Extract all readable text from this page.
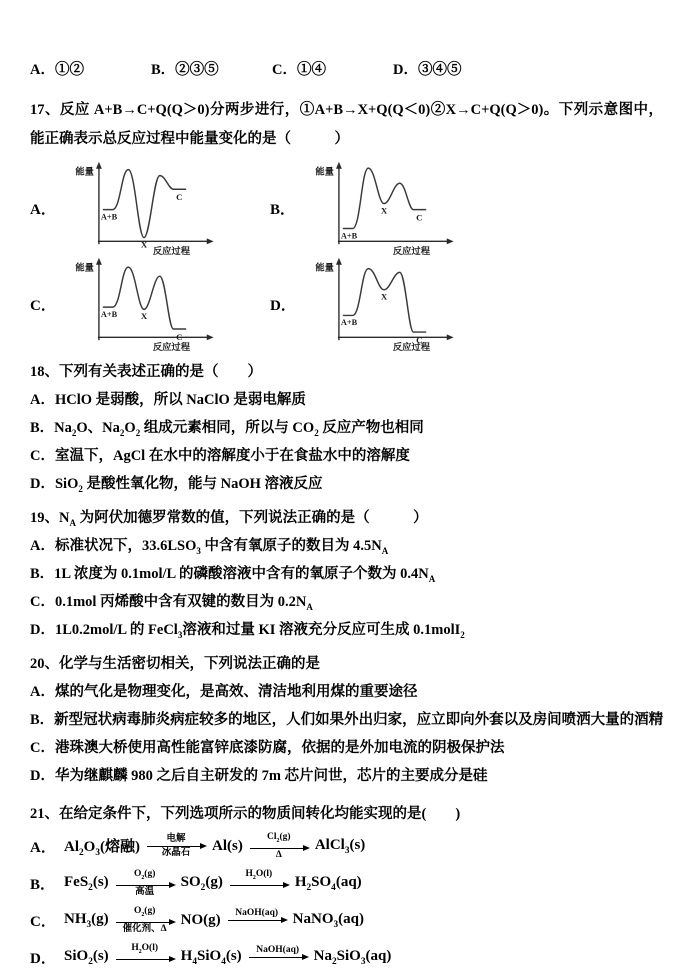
A．①②	B．②③⑤	C．①④	D．③④⑤
17、反应 A+B→C+Q(Q＞0)分两步进行，①A+B→X+Q(Q＜0)②X→C+Q(Q＞0)。下列示意图中，能正确表示总反应过程中能量变化的是（　　　）
A．
能量
反应过程
A+B
X
C
B．
能量
反应过程
A+B
X
C
C．
能量
反应过程
A+B	X
C
D．
能量
反应过程
A+B
X
C
18、下列有关表述正确的是（　　）
A．HClO 是弱酸，所以 NaClO 是弱电解质
B．$Na_2O$、$Na_2O_2$ 组成元素相同，所以与 $CO_2$ 反应产物也相同
C．室温下，AgCl 在水中的溶解度小于在食盐水中的溶解度
D．SiO$_2$ 是酸性氧化物，能与 NaOH 溶液反应
19、$N_A$ 为阿伏加德罗常数的值，下列说法正确的是（　　　）
A．标准状况下，$33.6LSO_3$ 中含有氧原子的数目为 $4.5N_A$
B．1L 浓度为 0.1mol/L 的磷酸溶液中含有的氧原子个数为 $0.4N_A$
C．0.1mol 丙烯酸中含有双键的数目为 $0.2N_A$
D．1L0.2mol/L 的 FeCl$_3$溶液和过量 KI 溶液充分反应可生成 0.1molI$_2$
20、化学与生活密切相关，下列说法正确的是
A．煤的气化是物理变化，是高效、清洁地利用煤的重要途径
B．新型冠状病毒肺炎病症较多的地区，人们如果外出归家，应立即向外套以及房间喷洒大量的酒精
C．港珠澳大桥使用高性能富锌底漆防腐，依据的是外加电流的阴极保护法
D．华为继麒麟 980 之后自主研发的 7m 芯片问世，芯片的主要成分是硅
21、在给定条件下，下列选项所示的物质间转化均能实现的是(　　)
A． $Al_2O_3$(熔融)	电解
冰晶石 Al(s)
$Cl_2(g)$
Δ
AlCl$_3$(s)
B． FeS$_2$(s)	$O_2(g)$
高温
$SO_2(g)$ $H_2O(l)$ $H_2SO_4(aq)$
C． $NH_3(g)$	$O_2(g)$
催化剂、Δ
NO(g) NaOH(aq) NaNO$_3$(aq)
D． SiO$_2$(s) $H_2O(l)$ $H_4SiO_4(s)$ NaOH(aq) $Na_2SiO_3(aq)$
